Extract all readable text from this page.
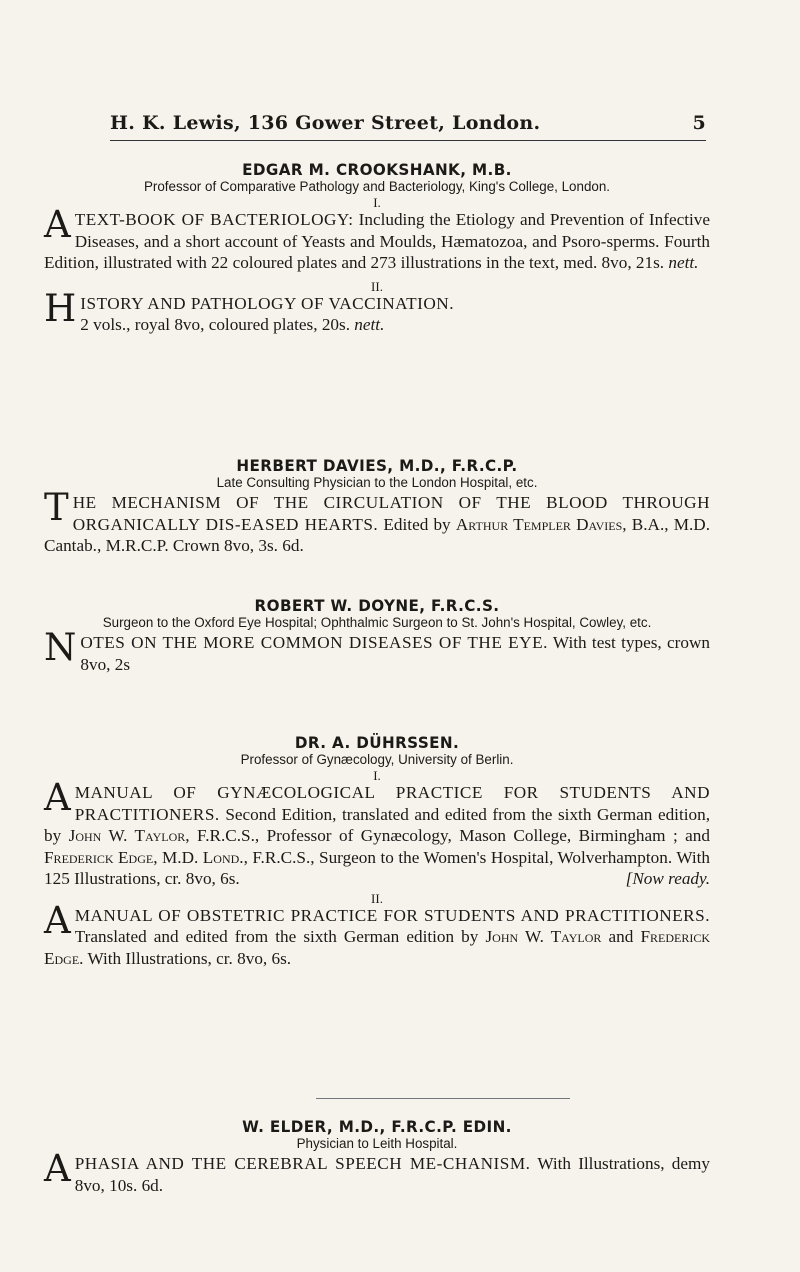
H. K. Lewis, 136 Gower Street, London.	5
EDGAR M. CROOKSHANK, M.B.
Professor of Comparative Pathology and Bacteriology, King's College, London.
I.
A TEXT-BOOK OF BACTERIOLOGY: Including the Etiology and Prevention of Infective Diseases, and a short account of Yeasts and Moulds, Hæmatozoa, and Psoro-sperms. Fourth Edition, illustrated with 22 coloured plates and 273 illustrations in the text, med. 8vo, 21s. nett.
II.
H ISTORY AND PATHOLOGY OF VACCINATION.
2 vols., royal 8vo, coloured plates, 20s. nett.
HERBERT DAVIES, M.D., F.R.C.P.
Late Consulting Physician to the London Hospital, etc.
T HE MECHANISM OF THE CIRCULATION OF THE BLOOD THROUGH ORGANICALLY DIS-EASED HEARTS. Edited by Arthur Templer Davies, B.A., M.D. Cantab., M.R.C.P. Crown 8vo, 3s. 6d.
ROBERT W. DOYNE, F.R.C.S.
Surgeon to the Oxford Eye Hospital; Ophthalmic Surgeon to St. John's Hospital, Cowley, etc.
N OTES ON THE MORE COMMON DISEASES OF THE EYE. With test types, crown 8vo, 2s
DR. A. DÜHRSSEN.
Professor of Gynæcology, University of Berlin.
I.
A MANUAL OF GYNÆCOLOGICAL PRACTICE FOR STUDENTS AND PRACTITIONERS. Second Edition, translated and edited from the sixth German edition, by John W. Taylor, F.R.C.S., Professor of Gynæcology, Mason College, Birmingham ; and Frederick Edge, M.D. Lond., F.R.C.S., Surgeon to the Women's Hospital, Wolverhampton. With 125 Illustrations, cr. 8vo, 6s.	[Now ready.
II.
A MANUAL OF OBSTETRIC PRACTICE FOR STUDENTS AND PRACTITIONERS. Translated and edited from the sixth German edition by John W. Taylor and Frederick Edge. With Illustrations, cr. 8vo, 6s.
W. ELDER, M.D., F.R.C.P. EDIN.
Physician to Leith Hospital.
A PHASIA AND THE CEREBRAL SPEECH ME-CHANISM. With Illustrations, demy 8vo, 10s. 6d.
